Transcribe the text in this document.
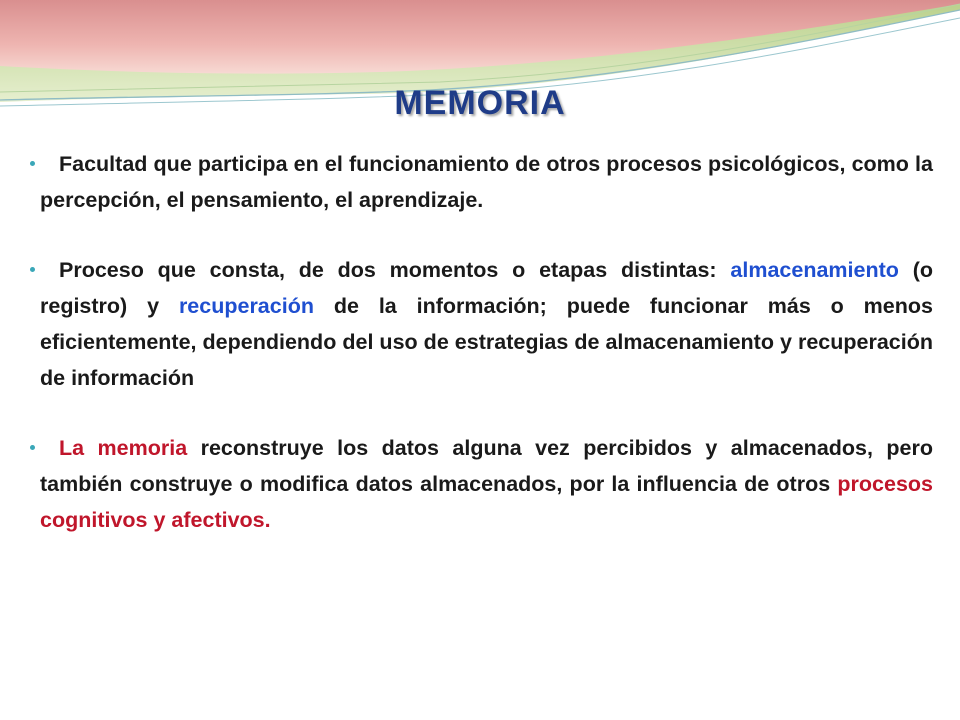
MEMORIA

Facultad que participa en el funcionamiento de otros procesos psicológicos, como la percepción, el pensamiento, el aprendizaje.

Proceso que consta, de dos momentos o etapas distintas: almacenamiento (o registro) y recuperación de la información; puede funcionar más o menos eficientemente, dependiendo del uso de estrategias de almacenamiento y recuperación de información

La memoria reconstruye los datos alguna vez percibidos y almacenados, pero también construye o modifica datos almacenados, por la influencia de otros procesos cognitivos y afectivos.
